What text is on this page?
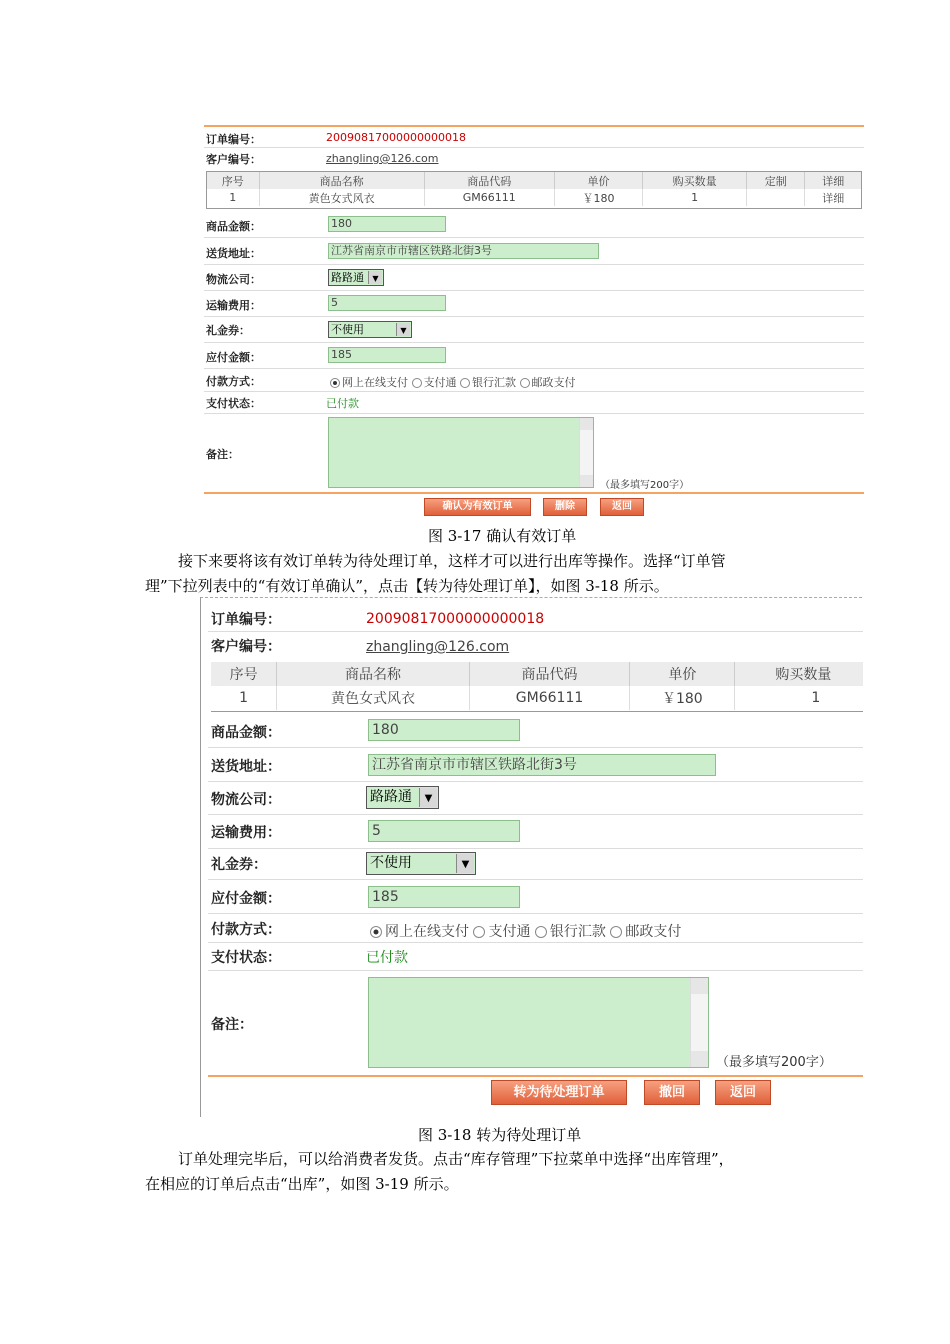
订单编号：	20090817000000000018
客户编号：	zhangling@126.com
序号	商品名称	商品代码	单价	购买数量	定制	详细
1	黄色女式风衣	GM66111	￥180	1		详细
商品金额：	180
送货地址：	江苏省南京市市辖区铁路北街3号
物流公司：	路路通	▼
运输费用：	5
礼金券：	不使用	▼
应付金额：	185
付款方式：	网上在线支付 支付通 银行汇款 邮政支付
支付状态：	已付款
备注：
（最多填写200字）
确认为有效订单	删除	返回
图 3-17 确认有效订单
接下来要将该有效订单转为待处理订单，这样才可以进行出库等操作。选择“订单管
理”下拉列表中的“有效订单确认”，点击【转为待处理订单】，如图 3-18 所示。
订单编号：	20090817000000000018
客户编号：	zhangling@126.com
序号	商品名称	商品代码	单价	购买数量
1	黄色女式风衣	GM66111	￥180	1
商品金额：	180
送货地址：	江苏省南京市市辖区铁路北街3号
物流公司：	路路通	▼
运输费用：	5
礼金券：	不使用	▼
应付金额：	185
付款方式：	网上在线支付 支付通 银行汇款 邮政支付
支付状态：	已付款
备注：
（最多填写200字）
转为待处理订单	撤回	返回
图 3-18 转为待处理订单
订单处理完毕后，可以给消费者发货。点击“库存管理”下拉菜单中选择“出库管理”，
在相应的订单后点击“出库”，如图 3-19 所示。
